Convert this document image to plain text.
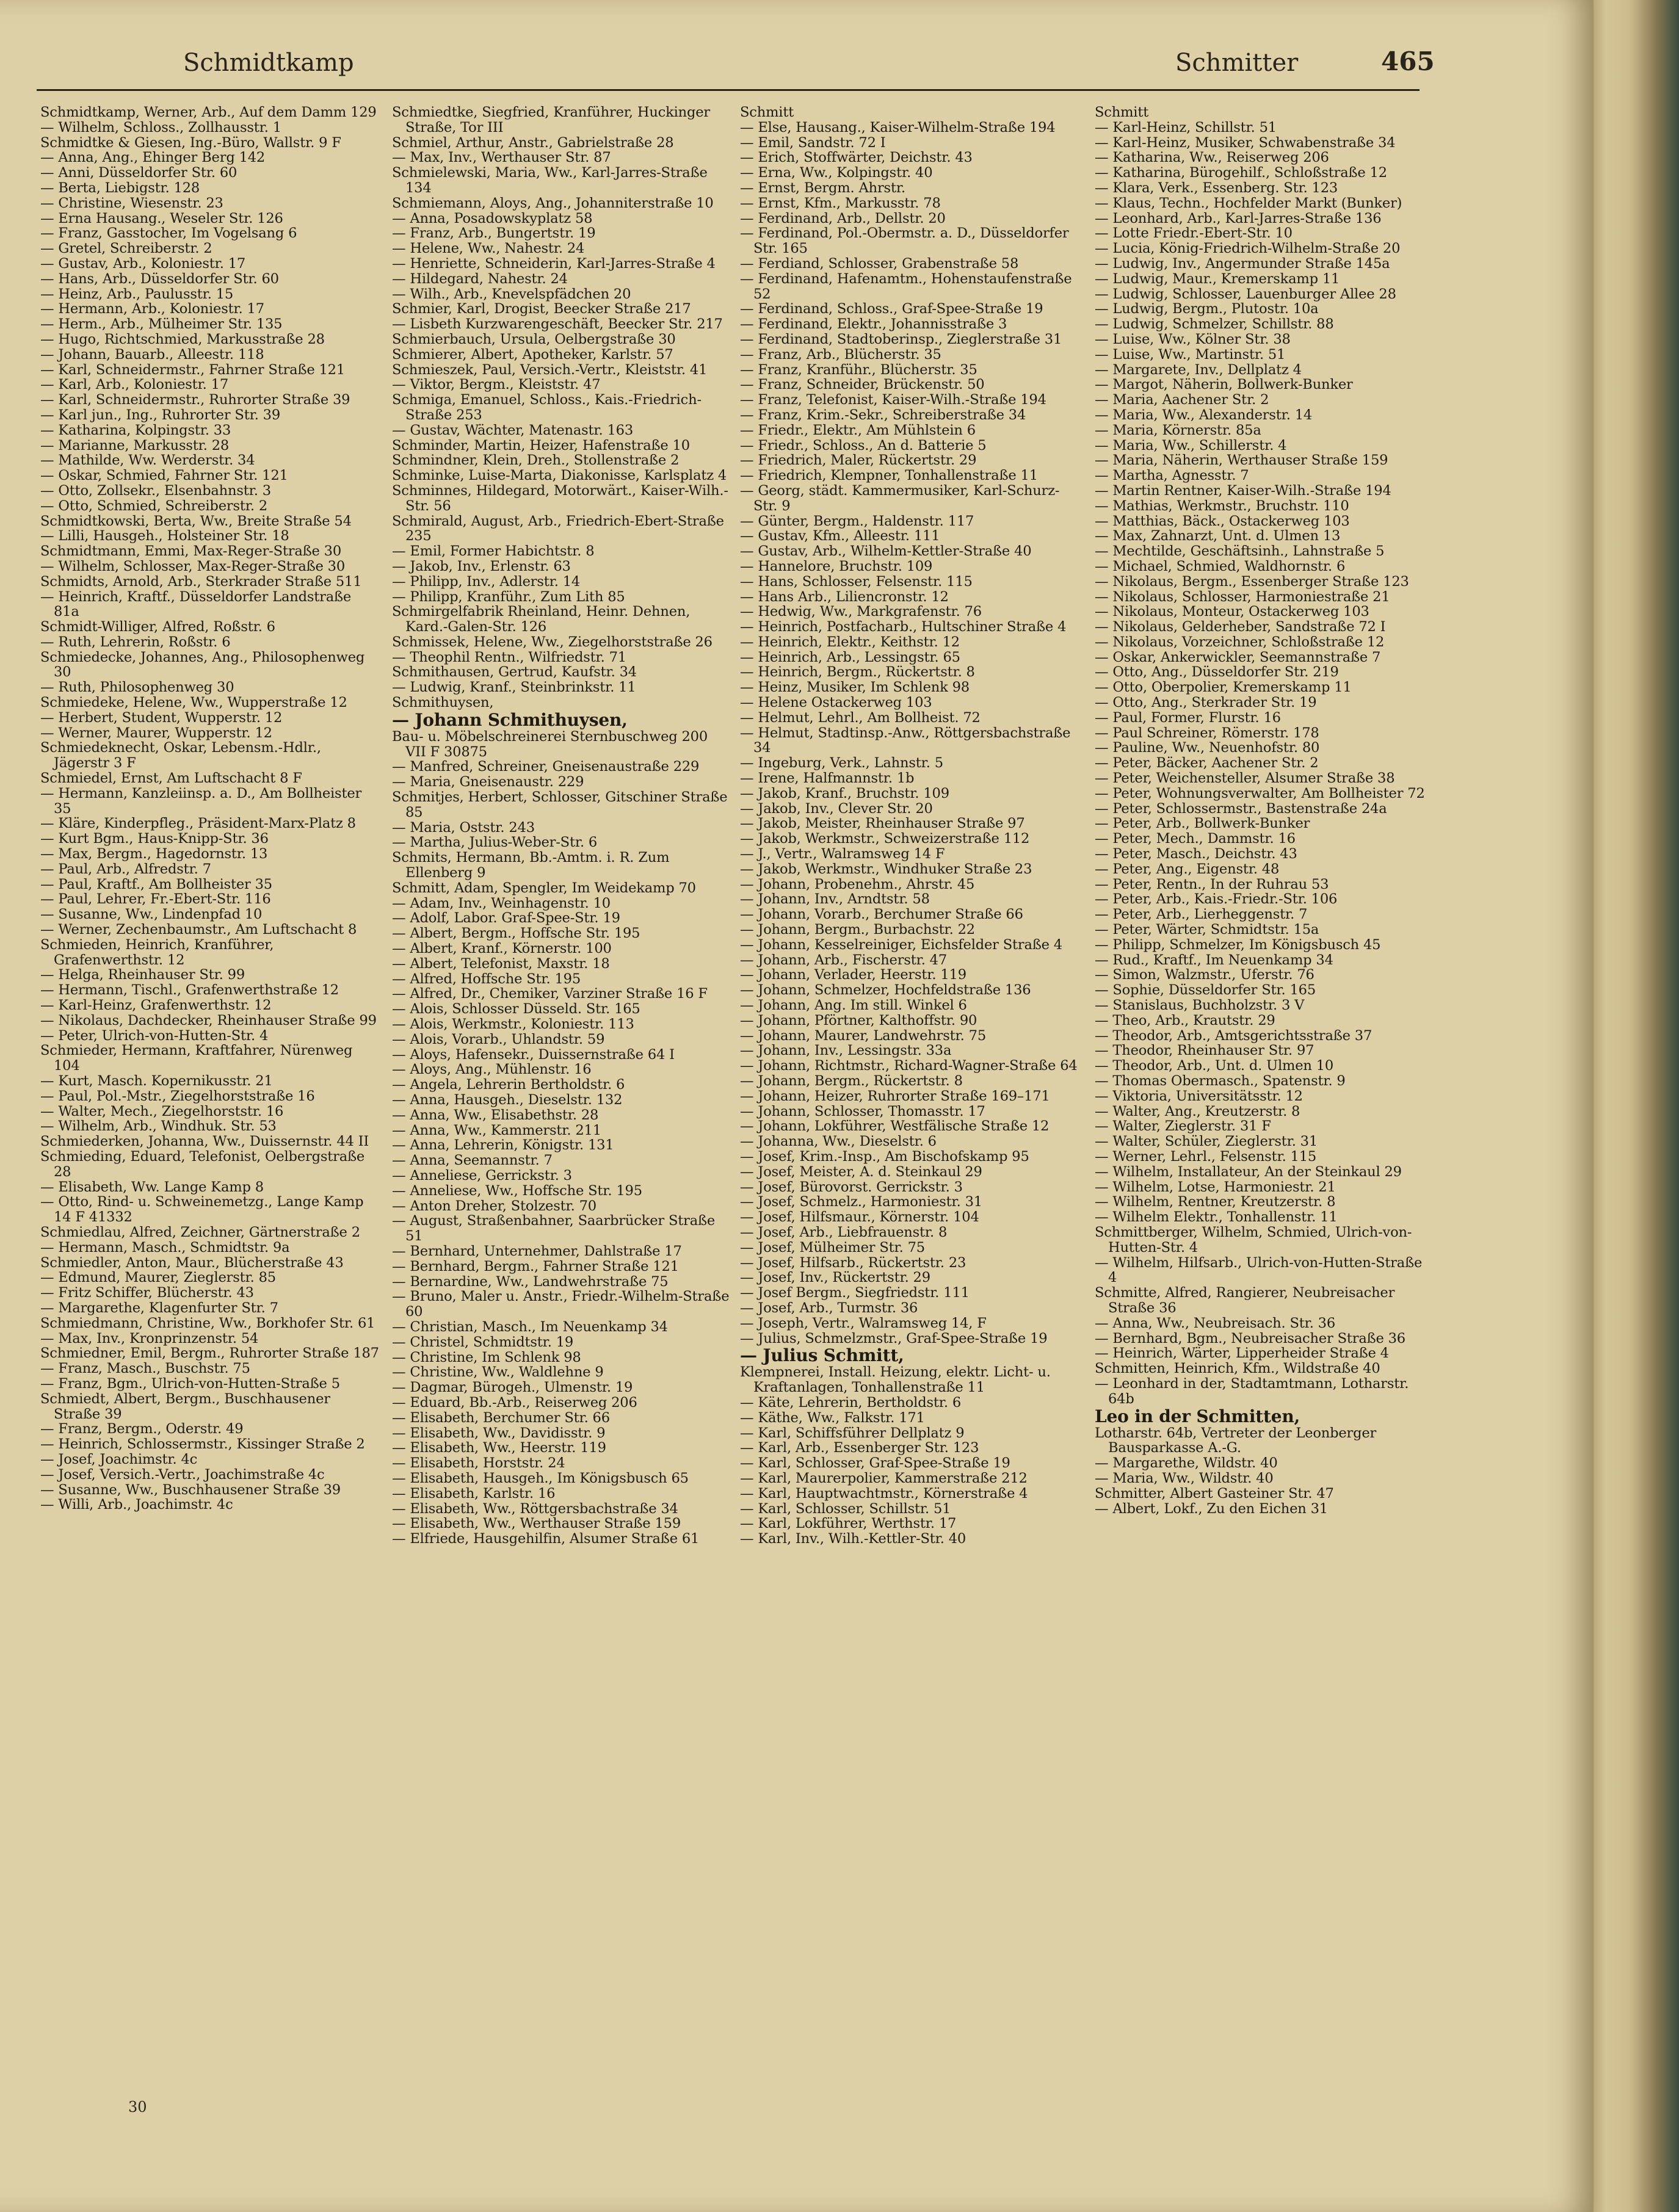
Schmidtkamp	Schmitter	465

Schmidtkamp, Werner, Arb., Auf dem Damm 129

— Wilhelm, Schloss., Zollhausstr. 1

Schmidtke & Giesen, Ing.-Büro, Wallstr. 9 F

— Anna, Ang., Ehinger Berg 142

— Anni, Düsseldorfer Str. 60

— Berta, Liebigstr. 128

— Christine, Wiesenstr. 23

— Erna Hausang., Weseler Str. 126

— Franz, Gasstocher, Im Vogelsang 6

— Gretel, Schreiberstr. 2

— Gustav, Arb., Koloniestr. 17

— Hans, Arb., Düsseldorfer Str. 60

— Heinz, Arb., Paulusstr. 15

— Hermann, Arb., Koloniestr. 17

— Herm., Arb., Mülheimer Str. 135

— Hugo, Richtschmied, Markusstraße 28

— Johann, Bauarb., Alleestr. 118

— Karl, Schneidermstr., Fahrner Straße 121

— Karl, Arb., Koloniestr. 17

— Karl, Schneidermstr., Ruhrorter Straße 39

— Karl jun., Ing., Ruhrorter Str. 39

— Katharina, Kolpingstr. 33

— Marianne, Markusstr. 28

— Mathilde, Ww. Werderstr. 34

— Oskar, Schmied, Fahrner Str. 121

— Otto, Zollsekr., Elsenbahnstr. 3

— Otto, Schmied, Schreiberstr. 2

Schmidtkowski, Berta, Ww., Breite Straße 54

— Lilli, Hausgeh., Holsteiner Str. 18

Schmidtmann, Emmi, Max-Reger-Straße 30

— Wilhelm, Schlosser, Max-Reger-Straße 30

Schmidts, Arnold, Arb., Sterkrader Straße 511

— Heinrich, Kraftf., Düsseldorfer Landstraße 81a

Schmidt-Williger, Alfred, Roßstr. 6

— Ruth, Lehrerin, Roßstr. 6

Schmiedecke, Johannes, Ang., Philosophenweg 30

— Ruth, Philosophenweg 30

Schmiedeke, Helene, Ww., Wupperstraße 12

— Herbert, Student, Wupperstr. 12

— Werner, Maurer, Wupperstr. 12

Schmiedeknecht, Oskar, Lebensm.-Hdlr., Jägerstr 3 F

Schmiedel, Ernst, Am Luftschacht 8 F

— Hermann, Kanzleiinsp. a. D., Am Bollheister 35

— Kläre, Kinderpfleg., Präsident-Marx-Platz 8

— Kurt Bgm., Haus-Knipp-Str. 36

— Max, Bergm., Hagedornstr. 13

— Paul, Arb., Alfredstr. 7

— Paul, Kraftf., Am Bollheister 35

— Paul, Lehrer, Fr.-Ebert-Str. 116

— Susanne, Ww., Lindenpfad 10

— Werner, Zechenbaumstr., Am Luftschacht 8

Schmieden, Heinrich, Kranführer, Grafenwerthstr. 12

— Helga, Rheinhauser Str. 99

— Hermann, Tischl., Grafenwerthstraße 12

— Karl-Heinz, Grafenwerthstr. 12

— Nikolaus, Dachdecker, Rheinhauser Straße 99

— Peter, Ulrich-von-Hutten-Str. 4

Schmieder, Hermann, Kraftfahrer, Nürenweg 104

— Kurt, Masch. Kopernikusstr. 21

— Paul, Pol.-Mstr., Ziegelhorststraße 16

— Walter, Mech., Ziegelhorststr. 16

— Wilhelm, Arb., Windhuk. Str. 53

Schmiederken, Johanna, Ww., Duissernstr. 44 II

Schmieding, Eduard, Telefonist, Oelbergstraße 28

— Elisabeth, Ww. Lange Kamp 8

— Otto, Rind- u. Schweinemetzg., Lange Kamp 14 F 41332

Schmiedlau, Alfred, Zeichner, Gärtnerstraße 2

— Hermann, Masch., Schmidtstr. 9a

Schmiedler, Anton, Maur., Blücherstraße 43

— Edmund, Maurer, Zieglerstr. 85

— Fritz Schiffer, Blücherstr. 43

— Margarethe, Klagenfurter Str. 7

Schmiedmann, Christine, Ww., Borkhofer Str. 61

— Max, Inv., Kronprinzenstr. 54

Schmiedner, Emil, Bergm., Ruhrorter Straße 187

— Franz, Masch., Buschstr. 75

— Franz, Bgm., Ulrich-von-Hutten-Straße 5

Schmiedt, Albert, Bergm., Buschhausener Straße 39

— Franz, Bergm., Oderstr. 49

— Heinrich, Schlossermstr., Kissinger Straße 2

— Josef, Joachimstr. 4c

— Josef, Versich.-Vertr., Joachimstraße 4c

— Susanne, Ww., Buschhausener Straße 39

— Willi, Arb., Joachimstr. 4c

Schmiedtke, Siegfried, Kranführer, Huckinger Straße, Tor III

Schmiel, Arthur, Anstr., Gabrielstraße 28

— Max, Inv., Werthauser Str. 87

Schmielewski, Maria, Ww., Karl-Jarres-Straße 134

Schmiemann, Aloys, Ang., Johanniterstraße 10

— Anna, Posadowskyplatz 58

— Franz, Arb., Bungertstr. 19

— Helene, Ww., Nahestr. 24

— Henriette, Schneiderin, Karl-Jarres-Straße 4

— Hildegard, Nahestr. 24

— Wilh., Arb., Knevelspfädchen 20

Schmier, Karl, Drogist, Beecker Straße 217

— Lisbeth Kurzwarengeschäft, Beecker Str. 217

Schmierbauch, Ursula, Oelbergstraße 30

Schmierer, Albert, Apotheker, Karlstr. 57

Schmieszek, Paul, Versich.-Vertr., Kleiststr. 41

— Viktor, Bergm., Kleiststr. 47

Schmiga, Emanuel, Schloss., Kais.-Friedrich-Straße 253

— Gustav, Wächter, Matenastr. 163

Schminder, Martin, Heizer, Hafenstraße 10

Schmindner, Klein, Dreh., Stollenstraße 2

Schminke, Luise-Marta, Diakonisse, Karlsplatz 4

Schminnes, Hildegard, Motorwärt., Kaiser-Wilh.-Str. 56

Schmirald, August, Arb., Friedrich-Ebert-Straße 235

— Emil, Former Habichtstr. 8

— Jakob, Inv., Erlenstr. 63

— Philipp, Inv., Adlerstr. 14

— Philipp, Kranführ., Zum Lith 85

Schmirgelfabrik Rheinland, Heinr. Dehnen, Kard.-Galen-Str. 126

Schmissek, Helene, Ww., Ziegelhorststraße 26

— Theophil Rentn., Wilfriedstr. 71

Schmithausen, Gertrud, Kaufstr. 34

— Ludwig, Kranf., Steinbrinkstr. 11

Schmithuysen,

— Johann Schmithuysen,

Bau- u. Möbelschreinerei Sternbuschweg 200 VII F 30875

— Manfred, Schreiner, Gneisenaustraße 229

— Maria, Gneisenaustr. 229

Schmitjes, Herbert, Schlosser, Gitschiner Straße 85

— Maria, Oststr. 243

— Martha, Julius-Weber-Str. 6

Schmits, Hermann, Bb.-Amtm. i. R. Zum Ellenberg 9

Schmitt, Adam, Spengler, Im Weidekamp 70

— Adam, Inv., Weinhagenstr. 10

— Adolf, Labor. Graf-Spee-Str. 19

— Albert, Bergm., Hoffsche Str. 195

— Albert, Kranf., Körnerstr. 100

— Albert, Telefonist, Maxstr. 18

— Alfred, Hoffsche Str. 195

— Alfred, Dr., Chemiker, Varziner Straße 16 F

— Alois, Schlosser Düsseld. Str. 165

— Alois, Werkmstr., Koloniestr. 113

— Alois, Vorarb., Uhlandstr. 59

— Aloys, Hafensekr., Duissernstraße 64 I

— Aloys, Ang., Mühlenstr. 16

— Angela, Lehrerin Bertholdstr. 6

— Anna, Hausgeh., Dieselstr. 132

— Anna, Ww., Elisabethstr. 28

— Anna, Ww., Kammerstr. 211

— Anna, Lehrerin, Königstr. 131

— Anna, Seemannstr. 7

— Anneliese, Gerrickstr. 3

— Anneliese, Ww., Hoffsche Str. 195

— Anton Dreher, Stolzestr. 70

— August, Straßenbahner, Saarbrücker Straße 51

— Bernhard, Unternehmer, Dahlstraße 17

— Bernhard, Bergm., Fahrner Straße 121

— Bernardine, Ww., Landwehrstraße 75

— Bruno, Maler u. Anstr., Friedr.-Wilhelm-Straße 60

— Christian, Masch., Im Neuenkamp 34

— Christel, Schmidtstr. 19

— Christine, Im Schlenk 98

— Christine, Ww., Waldlehne 9

— Dagmar, Bürogeh., Ulmenstr. 19

— Eduard, Bb.-Arb., Reiserweg 206

— Elisabeth, Berchumer Str. 66

— Elisabeth, Ww., Davidisstr. 9

— Elisabeth, Ww., Heerstr. 119

— Elisabeth, Horststr. 24

— Elisabeth, Hausgeh., Im Königsbusch 65

— Elisabeth, Karlstr. 16

— Elisabeth, Ww., Röttgersbachstraße 34

— Elisabeth, Ww., Werthauser Straße 159

— Elfriede, Hausgehilfin, Alsumer Straße 61

Schmitt

— Else, Hausang., Kaiser-Wilhelm-Straße 194

— Emil, Sandstr. 72 I

— Erich, Stoffwärter, Deichstr. 43

— Erna, Ww., Kolpingstr. 40

— Ernst, Bergm. Ahrstr.

— Ernst, Kfm., Markusstr. 78

— Ferdinand, Arb., Dellstr. 20

— Ferdinand, Pol.-Obermstr. a. D., Düsseldorfer Str. 165

— Ferdiand, Schlosser, Grabenstraße 58

— Ferdinand, Hafenamtm., Hohenstaufenstraße 52

— Ferdinand, Schloss., Graf-Spee-Straße 19

— Ferdinand, Elektr., Johannisstraße 3

— Ferdinand, Stadtoberinsp., Zieglerstraße 31

— Franz, Arb., Blücherstr. 35

— Franz, Kranführ., Blücherstr. 35

— Franz, Schneider, Brückenstr. 50

— Franz, Telefonist, Kaiser-Wilh.-Straße 194

— Franz, Krim.-Sekr., Schreiberstraße 34

— Friedr., Elektr., Am Mühlstein 6

— Friedr., Schloss., An d. Batterie 5

— Friedrich, Maler, Rückertstr. 29

— Friedrich, Klempner, Tonhallenstraße 11

— Georg, städt. Kammermusiker, Karl-Schurz-Str. 9

— Günter, Bergm., Haldenstr. 117

— Gustav, Kfm., Alleestr. 111

— Gustav, Arb., Wilhelm-Kettler-Straße 40

— Hannelore, Bruchstr. 109

— Hans, Schlosser, Felsenstr. 115

— Hans Arb., Liliencronstr. 12

— Hedwig, Ww., Markgrafenstr. 76

— Heinrich, Postfacharb., Hultschiner Straße 4

— Heinrich, Elektr., Keithstr. 12

— Heinrich, Arb., Lessingstr. 65

— Heinrich, Bergm., Rückertstr. 8

— Heinz, Musiker, Im Schlenk 98

— Helene Ostackerweg 103

— Helmut, Lehrl., Am Bollheist. 72

— Helmut, Stadtinsp.-Anw., Röttgersbachstraße 34

— Ingeburg, Verk., Lahnstr. 5

— Irene, Halfmannstr. 1b

— Jakob, Kranf., Bruchstr. 109

— Jakob, Inv., Clever Str. 20

— Jakob, Meister, Rheinhauser Straße 97

— Jakob, Werkmstr., Schweizerstraße 112

— J., Vertr., Walramsweg 14 F

— Jakob, Werkmstr., Windhuker Straße 23

— Johann, Probenehm., Ahrstr. 45

— Johann, Inv., Arndtstr. 58

— Johann, Vorarb., Berchumer Straße 66

— Johann, Bergm., Burbachstr. 22

— Johann, Kesselreiniger, Eichsfelder Straße 4

— Johann, Arb., Fischerstr. 47

— Johann, Verlader, Heerstr. 119

— Johann, Schmelzer, Hochfeldstraße 136

— Johann, Ang. Im still. Winkel 6

— Johann, Pförtner, Kalthoffstr. 90

— Johann, Maurer, Landwehrstr. 75

— Johann, Inv., Lessingstr. 33a

— Johann, Richtmstr., Richard-Wagner-Straße 64

— Johann, Bergm., Rückertstr. 8

— Johann, Heizer, Ruhrorter Straße 169–171

— Johann, Schlosser, Thomasstr. 17

— Johann, Lokführer, Westfälische Straße 12

— Johanna, Ww., Dieselstr. 6

— Josef, Krim.-Insp., Am Bischofskamp 95

— Josef, Meister, A. d. Steinkaul 29

— Josef, Bürovorst. Gerrickstr. 3

— Josef, Schmelz., Harmoniestr. 31

— Josef, Hilfsmaur., Körnerstr. 104

— Josef, Arb., Liebfrauenstr. 8

— Josef, Mülheimer Str. 75

— Josef, Hilfsarb., Rückertstr. 23

— Josef, Inv., Rückertstr. 29

— Josef Bergm., Siegfriedstr. 111

— Josef, Arb., Turmstr. 36

— Joseph, Vertr., Walramsweg 14, F

— Julius, Schmelzmstr., Graf-Spee-Straße 19

— Julius Schmitt,

Klempnerei, Install. Heizung, elektr. Licht- u. Kraftanlagen, Tonhallenstraße 11

— Käte, Lehrerin, Bertholdstr. 6

— Käthe, Ww., Falkstr. 171

— Karl, Schiffsführer Dellplatz 9

— Karl, Arb., Essenberger Str. 123

— Karl, Schlosser, Graf-Spee-Straße 19

— Karl, Maurerpolier, Kammerstraße 212

— Karl, Hauptwachtmstr., Körnerstraße 4

— Karl, Schlosser, Schillstr. 51

— Karl, Lokführer, Werthstr. 17

— Karl, Inv., Wilh.-Kettler-Str. 40

Schmitt

— Karl-Heinz, Schillstr. 51

— Karl-Heinz, Musiker, Schwabenstraße 34

— Katharina, Ww., Reiserweg 206

— Katharina, Bürogehilf., Schloßstraße 12

— Klara, Verk., Essenberg. Str. 123

— Klaus, Techn., Hochfelder Markt (Bunker)

— Leonhard, Arb., Karl-Jarres-Straße 136

— Lotte Friedr.-Ebert-Str. 10

— Lucia, König-Friedrich-Wilhelm-Straße 20

— Ludwig, Inv., Angermunder Straße 145a

— Ludwig, Maur., Kremerskamp 11

— Ludwig, Schlosser, Lauenburger Allee 28

— Ludwig, Bergm., Plutostr. 10a

— Ludwig, Schmelzer, Schillstr. 88

— Luise, Ww., Kölner Str. 38

— Luise, Ww., Martinstr. 51

— Margarete, Inv., Dellplatz 4

— Margot, Näherin, Bollwerk-Bunker

— Maria, Aachener Str. 2

— Maria, Ww., Alexanderstr. 14

— Maria, Körnerstr. 85a

— Maria, Ww., Schillerstr. 4

— Maria, Näherin, Werthauser Straße 159

— Martha, Agnesstr. 7

— Martin Rentner, Kaiser-Wilh.-Straße 194

— Mathias, Werkmstr., Bruchstr. 110

— Matthias, Bäck., Ostackerweg 103

— Max, Zahnarzt, Unt. d. Ulmen 13

— Mechtilde, Geschäftsinh., Lahnstraße 5

— Michael, Schmied, Waldhornstr. 6

— Nikolaus, Bergm., Essenberger Straße 123

— Nikolaus, Schlosser, Harmoniestraße 21

— Nikolaus, Monteur, Ostackerweg 103

— Nikolaus, Gelderheber, Sandstraße 72 I

— Nikolaus, Vorzeichner, Schloßstraße 12

— Oskar, Ankerwickler, Seemannstraße 7

— Otto, Ang., Düsseldorfer Str. 219

— Otto, Oberpolier, Kremerskamp 11

— Otto, Ang., Sterkrader Str. 19

— Paul, Former, Flurstr. 16

— Paul Schreiner, Römerstr. 178

— Pauline, Ww., Neuenhofstr. 80

— Peter, Bäcker, Aachener Str. 2

— Peter, Weichensteller, Alsumer Straße 38

— Peter, Wohnungsverwalter, Am Bollheister 72

— Peter, Schlossermstr., Bastenstraße 24a

— Peter, Arb., Bollwerk-Bunker

— Peter, Mech., Dammstr. 16

— Peter, Masch., Deichstr. 43

— Peter, Ang., Eigenstr. 48

— Peter, Rentn., In der Ruhrau 53

— Peter, Arb., Kais.-Friedr.-Str. 106

— Peter, Arb., Lierheggenstr. 7

— Peter, Wärter, Schmidtstr. 15a

— Philipp, Schmelzer, Im Königsbusch 45

— Rud., Kraftf., Im Neuenkamp 34

— Simon, Walzmstr., Uferstr. 76

— Sophie, Düsseldorfer Str. 165

— Stanislaus, Buchholzstr. 3 V

— Theo, Arb., Krautstr. 29

— Theodor, Arb., Amtsgerichtsstraße 37

— Theodor, Rheinhauser Str. 97

— Theodor, Arb., Unt. d. Ulmen 10

— Thomas Obermasch., Spatenstr. 9

— Viktoria, Universitätsstr. 12

— Walter, Ang., Kreutzerstr. 8

— Walter, Zieglerstr. 31 F

— Walter, Schüler, Zieglerstr. 31

— Werner, Lehrl., Felsenstr. 115

— Wilhelm, Installateur, An der Steinkaul 29

— Wilhelm, Lotse, Harmoniestr. 21

— Wilhelm, Rentner, Kreutzerstr. 8

— Wilhelm Elektr., Tonhallenstr. 11

Schmittberger, Wilhelm, Schmied, Ulrich-von-Hutten-Str. 4

— Wilhelm, Hilfsarb., Ulrich-von-Hutten-Straße 4

Schmitte, Alfred, Rangierer, Neubreisacher Straße 36

— Anna, Ww., Neubreisach. Str. 36

— Bernhard, Bgm., Neubreisacher Straße 36

— Heinrich, Wärter, Lipperheider Straße 4

Schmitten, Heinrich, Kfm., Wildstraße 40

— Leonhard in der, Stadtamtmann, Lotharstr. 64b

Leo in der Schmitten,

Lotharstr. 64b, Vertreter der Leonberger Bausparkasse A.-G.

— Margarethe, Wildstr. 40

— Maria, Ww., Wildstr. 40

Schmitter, Albert Gasteiner Str. 47

— Albert, Lokf., Zu den Eichen 31

30
